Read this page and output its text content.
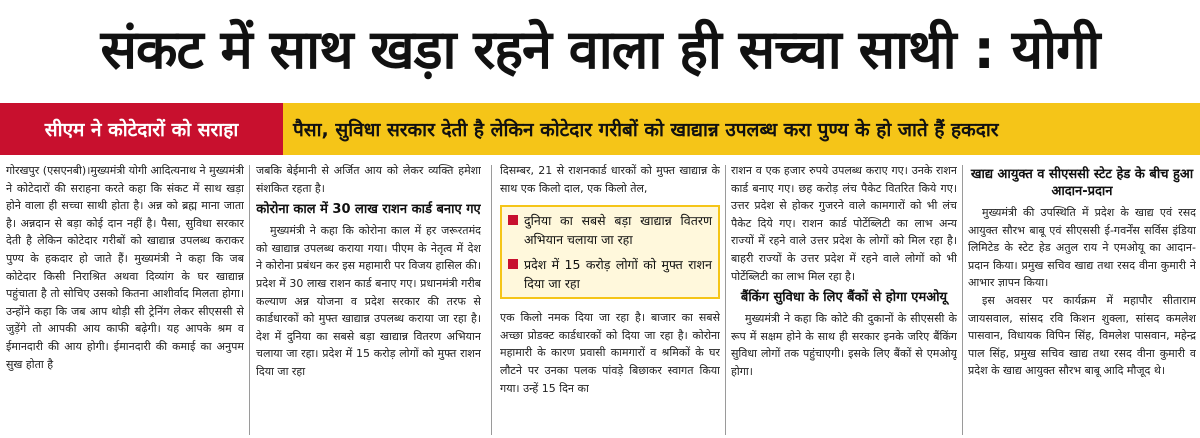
संकट में साथ खड़ा रहने वाला ही सच्चा साथी : योगी
सीएम ने कोटेदारों को सराहा	पैसा, सुविधा सरकार देती है लेकिन कोटेदार गरीबों को खाद्यान्न उपलब्ध करा पुण्य के हो जाते हैं हकदार

गोरखपुर (एसएनबी)।मुख्यमंत्री योगी आदित्यनाथ ने मुख्यमंत्री ने कोटेदारों की सराहना करते कहा कि संकट में साथ खड़ा होने वाला ही सच्चा साथी होता है। अन्न को ब्रह्म माना जाता है। अन्नदान से बड़ा कोई दान नहीं है। पैसा, सुविधा सरकार देती है लेकिन कोटेदार गरीबों को खाद्यान्न उपलब्ध कराकर पुण्य के हकदार हो जाते हैं। मुख्यमंत्री ने कहा कि जब कोटेदार किसी निराश्रित अथवा दिव्यांग के घर खाद्यान्न पहुंचाता है तो सोचिए उसको कितना आशीर्वाद मिलता होगा। उन्होंने कहा कि जब आप थोड़ी सी ट्रेनिंग लेकर सीएससी से जुड़ेंगे तो आपकी आय काफी बढ़ेगी। यह आपके श्रम व ईमानदारी की आय होगी। ईमानदारी की कमाई का अनुपम सुख होता है

जबकि बेईमानी से अर्जित आय को लेकर व्यक्ति हमेशा संशकित रहता है।

कोरोना काल में 30 लाख राशन कार्ड बनाए गए

मुख्यमंत्री ने कहा कि कोरोना काल में हर जरूरतमंद को खाद्यान्न उपलब्ध कराया गया। पीएम के नेतृत्व में देश ने कोरोना प्रबंधन कर इस महामारी पर विजय हासिल की। प्रदेश में 30 लाख राशन कार्ड बनाए गए। प्रधानमंत्री गरीब कल्याण अन्न योजना व प्रदेश सरकार की तरफ से कार्डधारकों को मुफ्त खाद्यान्न उपलब्ध कराया जा रहा है। देश में दुनिया का सबसे बड़ा खाद्यान्न वितरण अभियान चलाया जा रहा। प्रदेश में 15 करोड़ लोगों को मुफ्त राशन दिया जा रहा

दिसम्बर, 21 से राशनकार्ड धारकों को मुफ्त खाद्यान्न के साथ एक किलो दाल, एक किलो तेल,

दुनिया का सबसे बड़ा खाद्यान्न वितरण अभियान चलाया जा रहा
प्रदेश में 15 करोड़ लोगों को मुफ्त राशन दिया जा रहा

एक किलो नमक दिया जा रहा है। बाजार का सबसे अच्छा प्रोडक्ट कार्डधारकों को दिया जा रहा है। कोरोना महामारी के कारण प्रवासी कामगारों व श्रमिकों के घर लौटने पर उनका पलक पांवड़े बिछाकर स्वागत किया गया। उन्हें 15 दिन का

राशन व एक हजार रुपये उपलब्ध कराए गए। उनके राशन कार्ड बनाए गए। छह करोड़ लंच पैकेट वितरित किये गए। उत्तर प्रदेश से होकर गुजरने वाले कामगारों को भी लंच पैकेट दिये गए। राशन कार्ड पोर्टेब्लिटी का लाभ अन्य राज्यों में रहने वाले उत्तर प्रदेश के लोगों को मिल रहा है। बाहरी राज्यों के उत्तर प्रदेश में रहने वाले लोगों को भी पोर्टेब्लिटी का लाभ मिल रहा है।

बैंकिंग सुविधा के लिए बैंकों से होगा एमओयू

मुख्यमंत्री ने कहा कि कोटे की दुकानों के सीएससी के रूप में सक्षम होने के साथ ही सरकार इनके जरिए बैंकिंग सुविधा लोगों तक पहुंचाएगी। इसके लिए बैंकों से एमओयू होगा।

खाद्य आयुक्त व सीएससी स्टेट हेड के बीच हुआ आदान-प्रदान

मुख्यमंत्री की उपस्थिति में प्रदेश के खाद्य एवं रसद आयुक्त सौरभ बाबू एवं सीएससी ई-गवर्नेंस सर्विस इंडिया लिमिटेड के स्टेट हेड अतुल राय ने एमओयू का आदान-प्रदान किया। प्रमुख सचिव खाद्य तथा रसद वीना कुमारी ने आभार ज्ञापन किया।

इस अवसर पर कार्यक्रम में महापौर सीताराम जायसवाल, सांसद रवि किशन शुक्ला, सांसद कमलेश पासवान, विधायक विपिन सिंह, विमलेश पासवान, महेन्द्र पाल सिंह, प्रमुख सचिव खाद्य तथा रसद वीना कुमारी व प्रदेश के खाद्य आयुक्त सौरभ बाबू आदि मौजूद थे।
